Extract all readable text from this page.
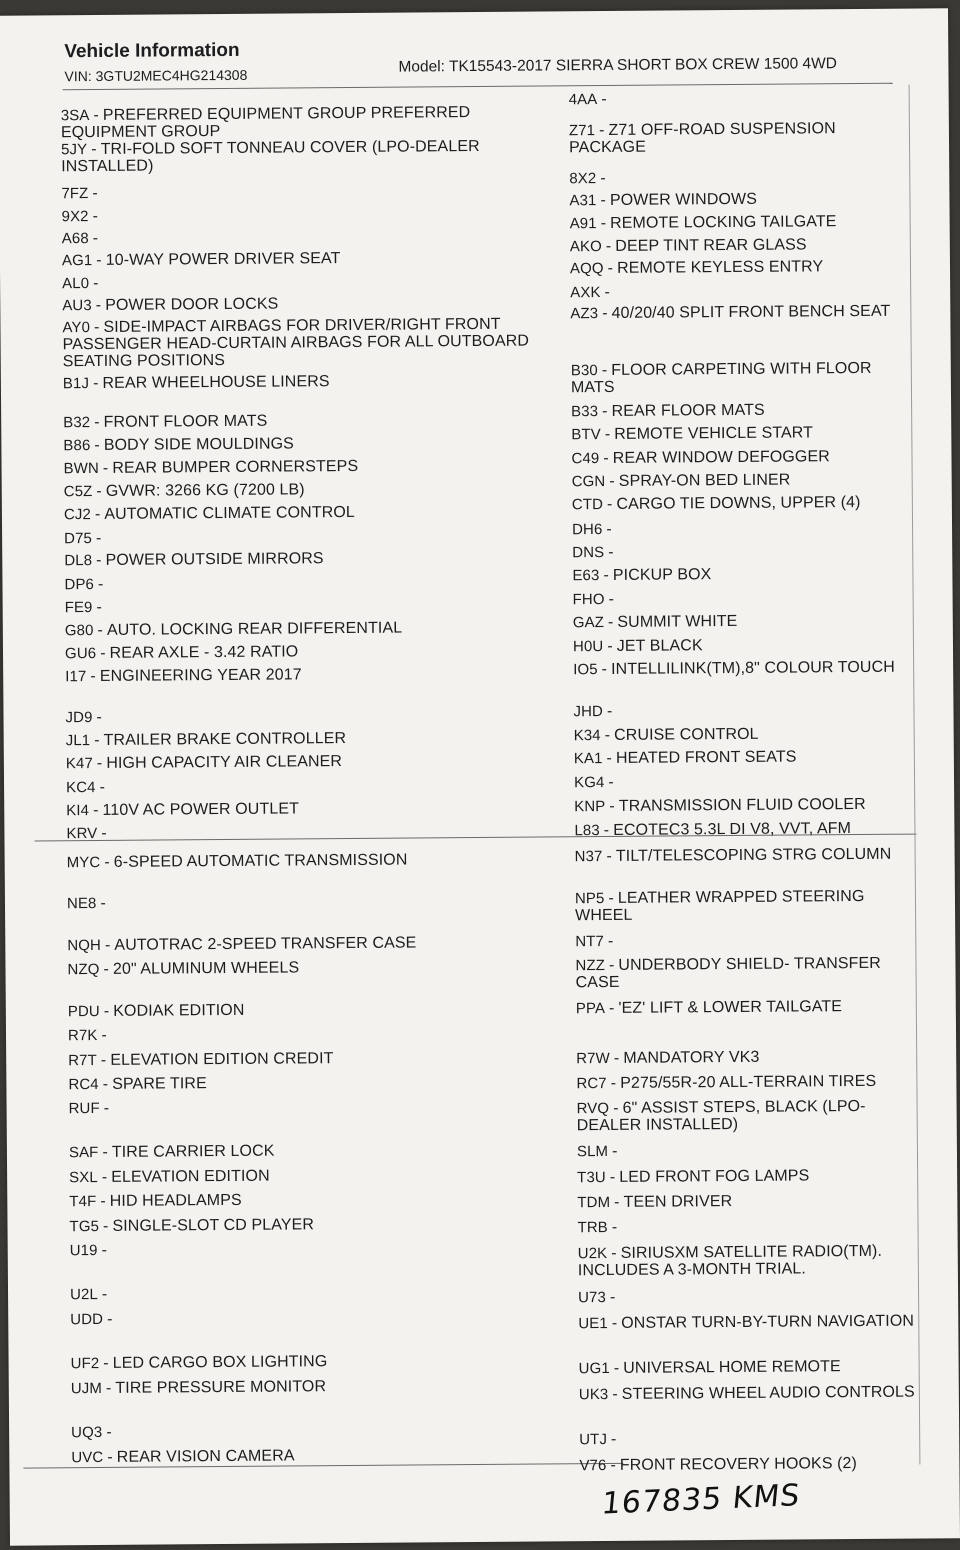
Vehicle Information
VIN: 3GTU2MEC4HG214308	Model: TK15543-2017 SIERRA SHORT BOX CREW 1500 4WD
3SA - PREFERRED EQUIPMENT GROUP PREFERRED EQUIPMENT GROUP
5JY - TRI-FOLD SOFT TONNEAU COVER (LPO-DEALER INSTALLED)
7FZ -
9X2 -
A68 -
AG1 - 10-WAY POWER DRIVER SEAT
AL0 -
AU3 - POWER DOOR LOCKS
AY0 - SIDE-IMPACT AIRBAGS FOR DRIVER/RIGHT FRONT PASSENGER HEAD-CURTAIN AIRBAGS FOR ALL OUTBOARD SEATING POSITIONS
B1J - REAR WHEELHOUSE LINERS
B32 - FRONT FLOOR MATS
B86 - BODY SIDE MOULDINGS
BWN - REAR BUMPER CORNERSTEPS
C5Z - GVWR: 3266 KG (7200 LB)
CJ2 - AUTOMATIC CLIMATE CONTROL
D75 -
DL8 - POWER OUTSIDE MIRRORS
DP6 -
FE9 -
G80 - AUTO. LOCKING REAR DIFFERENTIAL
GU6 - REAR AXLE - 3.42 RATIO
I17 - ENGINEERING YEAR 2017
JD9 -
JL1 - TRAILER BRAKE CONTROLLER
K47 - HIGH CAPACITY AIR CLEANER
KC4 -
KI4 - 110V AC POWER OUTLET
KRV -
MYC - 6-SPEED AUTOMATIC TRANSMISSION
NE8 -
NQH - AUTOTRAC 2-SPEED TRANSFER CASE
NZQ - 20" ALUMINUM WHEELS
PDU - KODIAK EDITION
R7K -
R7T - ELEVATION EDITION CREDIT
RC4 - SPARE TIRE
RUF -
SAF - TIRE CARRIER LOCK
SXL - ELEVATION EDITION
T4F - HID HEADLAMPS
TG5 - SINGLE-SLOT CD PLAYER
U19 -
U2L -
UDD -
UF2 - LED CARGO BOX LIGHTING
UJM - TIRE PRESSURE MONITOR
UQ3 -
UVC - REAR VISION CAMERA
4AA -
Z71 - Z71 OFF-ROAD SUSPENSION PACKAGE
8X2 -
A31 - POWER WINDOWS
A91 - REMOTE LOCKING TAILGATE
AKO - DEEP TINT REAR GLASS
AQQ - REMOTE KEYLESS ENTRY
AXK -
AZ3 - 40/20/40 SPLIT FRONT BENCH SEAT
B30 - FLOOR CARPETING WITH FLOOR MATS
B33 - REAR FLOOR MATS
BTV - REMOTE VEHICLE START
C49 - REAR WINDOW DEFOGGER
CGN - SPRAY-ON BED LINER
CTD - CARGO TIE DOWNS, UPPER (4)
DH6 -
DNS -
E63 - PICKUP BOX
FHO -
GAZ - SUMMIT WHITE
H0U - JET BLACK
IO5 - INTELLILINK(TM),8" COLOUR TOUCH
JHD -
K34 - CRUISE CONTROL
KA1 - HEATED FRONT SEATS
KG4 -
KNP - TRANSMISSION FLUID COOLER
L83 - ECOTEC3 5.3L DI V8, VVT, AFM
N37 - TILT/TELESCOPING STRG COLUMN
NP5 - LEATHER WRAPPED STEERING WHEEL
NT7 -
NZZ - UNDERBODY SHIELD- TRANSFER CASE
PPA - 'EZ' LIFT & LOWER TAILGATE
R7W - MANDATORY VK3
RC7 - P275/55R-20 ALL-TERRAIN TIRES
RVQ - 6" ASSIST STEPS, BLACK (LPO-DEALER INSTALLED)
SLM -
T3U - LED FRONT FOG LAMPS
TDM - TEEN DRIVER
TRB -
U2K - SIRIUSXM SATELLITE RADIO(TM). INCLUDES A 3-MONTH TRIAL.
U73 -
UE1 - ONSTAR TURN-BY-TURN NAVIGATION
UG1 - UNIVERSAL HOME REMOTE
UK3 - STEERING WHEEL AUDIO CONTROLS
UTJ -
V76 - FRONT RECOVERY HOOKS (2)
167835 KMS
